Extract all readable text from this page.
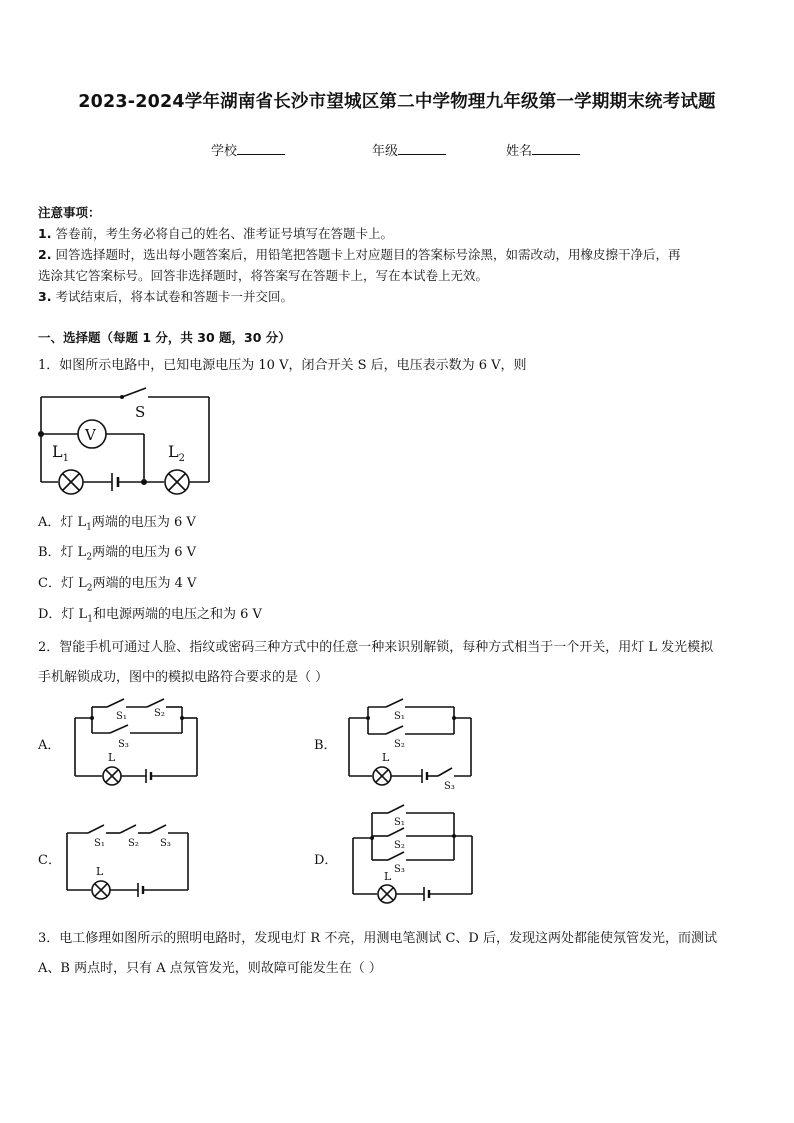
2023-2024学年湖南省长沙市望城区第二中学物理九年级第一学期期末统考试题
学校	年级	姓名
注意事项：
1. 答卷前，考生务必将自己的姓名、准考证号填写在答题卡上。
2. 回答选择题时，选出每小题答案后，用铅笔把答题卡上对应题目的答案标号涂黑，如需改动，用橡皮擦干净后，再
选涂其它答案标号。回答非选择题时，将答案写在答题卡上，写在本试卷上无效。
3. 考试结束后，将本试卷和答题卡一并交回。
一、选择题（每题 1 分，共 30 题，30 分）
1．如图所示电路中，已知电源电压为 10 V，闭合开关 S 后，电压表示数为 6 V，则
S
V
$L_1$	$L_2$
A．灯 $L_1$两端的电压为 6 V
B．灯 $L_2$两端的电压为 6 V
C．灯 $L_2$两端的电压为 4 V
D．灯 $L_1$和电源两端的电压之和为 6 V
2．智能手机可通过人脸、指纹或密码三种方式中的任意一种来识别解锁，每种方式相当于一个开关，用灯 L 发光模拟
手机解锁成功，图中的模拟电路符合要求的是（ ）
A．
S₁	S₂
S₃
L
B．
S₁
S₂
L
S₃
C．
S₁ S₂ S₃
L
D．
S₁
S₂
S₃
L
3．电工修理如图所示的照明电路时，发现电灯 R 不亮，用测电笔测试 C、D 后，发现这两处都能使氖管发光，而测试
A、B 两点时，只有 A 点氖管发光，则故障可能发生在（ ）
